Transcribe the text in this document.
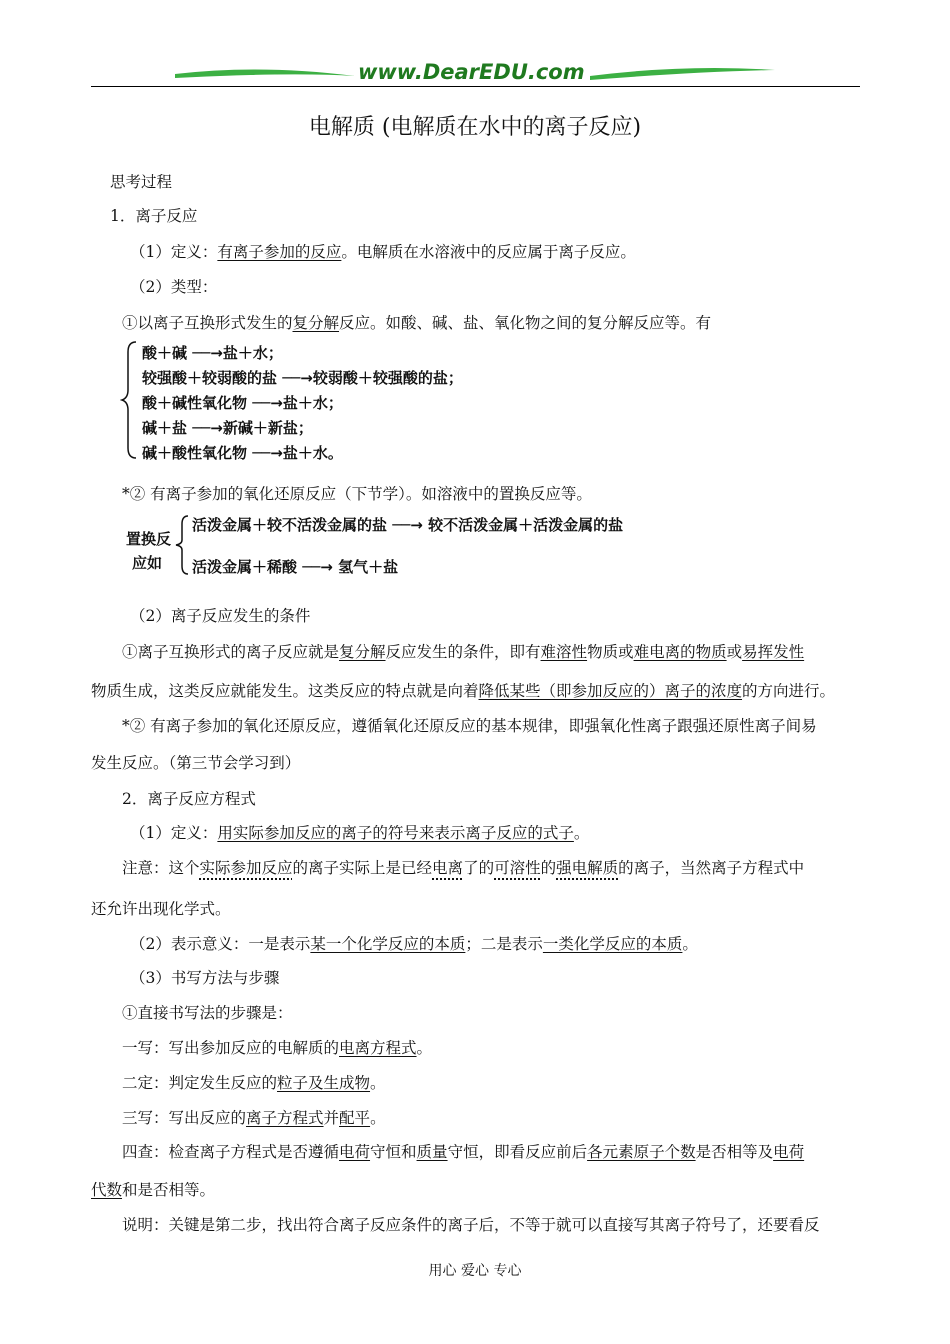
www.DearEDU.com
电解质 (电解质在水中的离子反应)
思考过程
1．离子反应
（1）定义：有离子参加的反应。电解质在水溶液中的反应属于离子反应。
（2）类型：
①以离子互换形式发生的复分解反应。如酸、碱、盐、氧化物之间的复分解反应等。有
酸＋碱 ──→盐＋水；
较强酸＋较弱酸的盐 ──→较弱酸＋较强酸的盐；
酸＋碱性氧化物 ──→盐＋水；
碱＋盐 ──→新碱＋新盐；
碱＋酸性氧化物 ──→盐＋水。
*② 有离子参加的氧化还原反应（下节学）。如溶液中的置换反应等。
置换反
应如
活泼金属＋较不活泼金属的盐 ──→ 较不活泼金属＋活泼金属的盐
活泼金属＋稀酸 ──→ 氢气＋盐
（2）离子反应发生的条件
①离子互换形式的离子反应就是复分解反应发生的条件，即有难溶性物质或难电离的物质或易挥发性
物质生成，这类反应就能发生。这类反应的特点就是向着降低某些（即参加反应的）离子的浓度的方向进行。
*② 有离子参加的氧化还原反应，遵循氧化还原反应的基本规律，即强氧化性离子跟强还原性离子间易
发生反应。（第三节会学习到）
2．离子反应方程式
（1）定义：用实际参加反应的离子的符号来表示离子反应的式子。
注意：这个实际参加反应的离子实际上是已经电离了的可溶性的强电解质的离子，当然离子方程式中
还允许出现化学式。
（2）表示意义：一是表示某一个化学反应的本质；二是表示一类化学反应的本质。
（3）书写方法与步骤
①直接书写法的步骤是：
一写：写出参加反应的电解质的电离方程式。
二定：判定发生反应的粒子及生成物。
三写：写出反应的离子方程式并配平。
四查：检查离子方程式是否遵循电荷守恒和质量守恒，即看反应前后各元素原子个数是否相等及电荷
代数和是否相等。
说明：关键是第二步，找出符合离子反应条件的离子后，不等于就可以直接写其离子符号了，还要看反
用心 爱心 专心
